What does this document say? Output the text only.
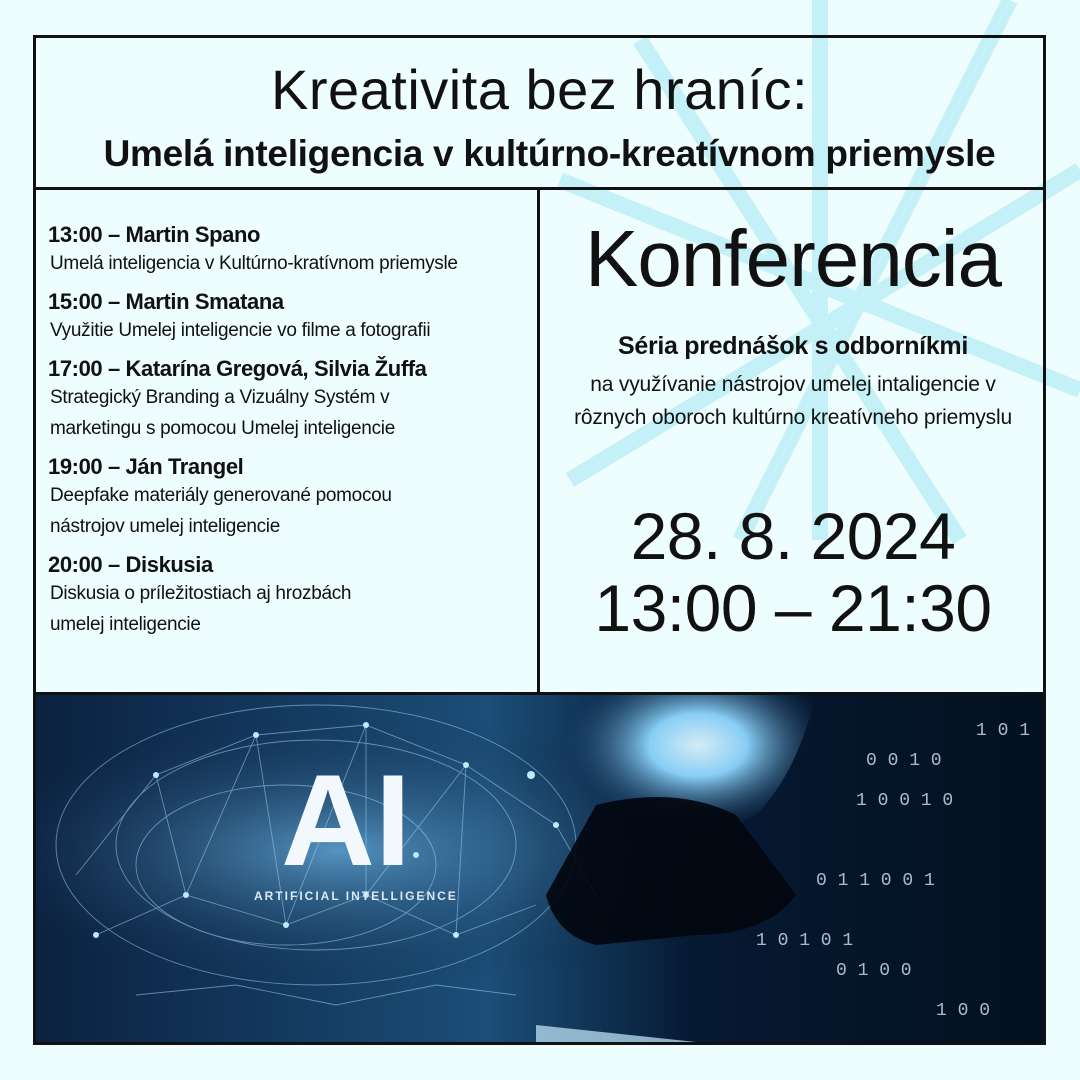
Kreativita bez hraníc:
Umelá inteligencia v kultúrno-kreatívnom priemysle
13:00 – Martin Spano
Umelá inteligencia v Kultúrno-kratívnom priemysle
15:00 – Martin Smatana
Využitie Umelej inteligencie vo filme a fotografii
17:00 – Katarína Gregová, Silvia Žuffa
Strategický Branding a Vizuálny Systém v
marketingu s pomocou Umelej inteligencie
19:00 – Ján Trangel
Deepfake materiály generované pomocou
nástrojov umelej inteligencie
20:00 – Diskusia
Diskusia o príležitostiach aj hrozbách
umelej inteligencie
Konferencia
Séria prednášok s odborníkmi
na využívanie nástrojov umelej intaligencie v rôznych oboroch kultúrno kreatívneho priemyslu
28. 8. 2024
13:00 – 21:30
AI
ARTIFICIAL INTELLIGENCE
1 0 1
0 0 1 0
1 0 0 1 0
0 1 1 0 0 1
1 0 1 0 1
0 1 0 0
1 0 0
